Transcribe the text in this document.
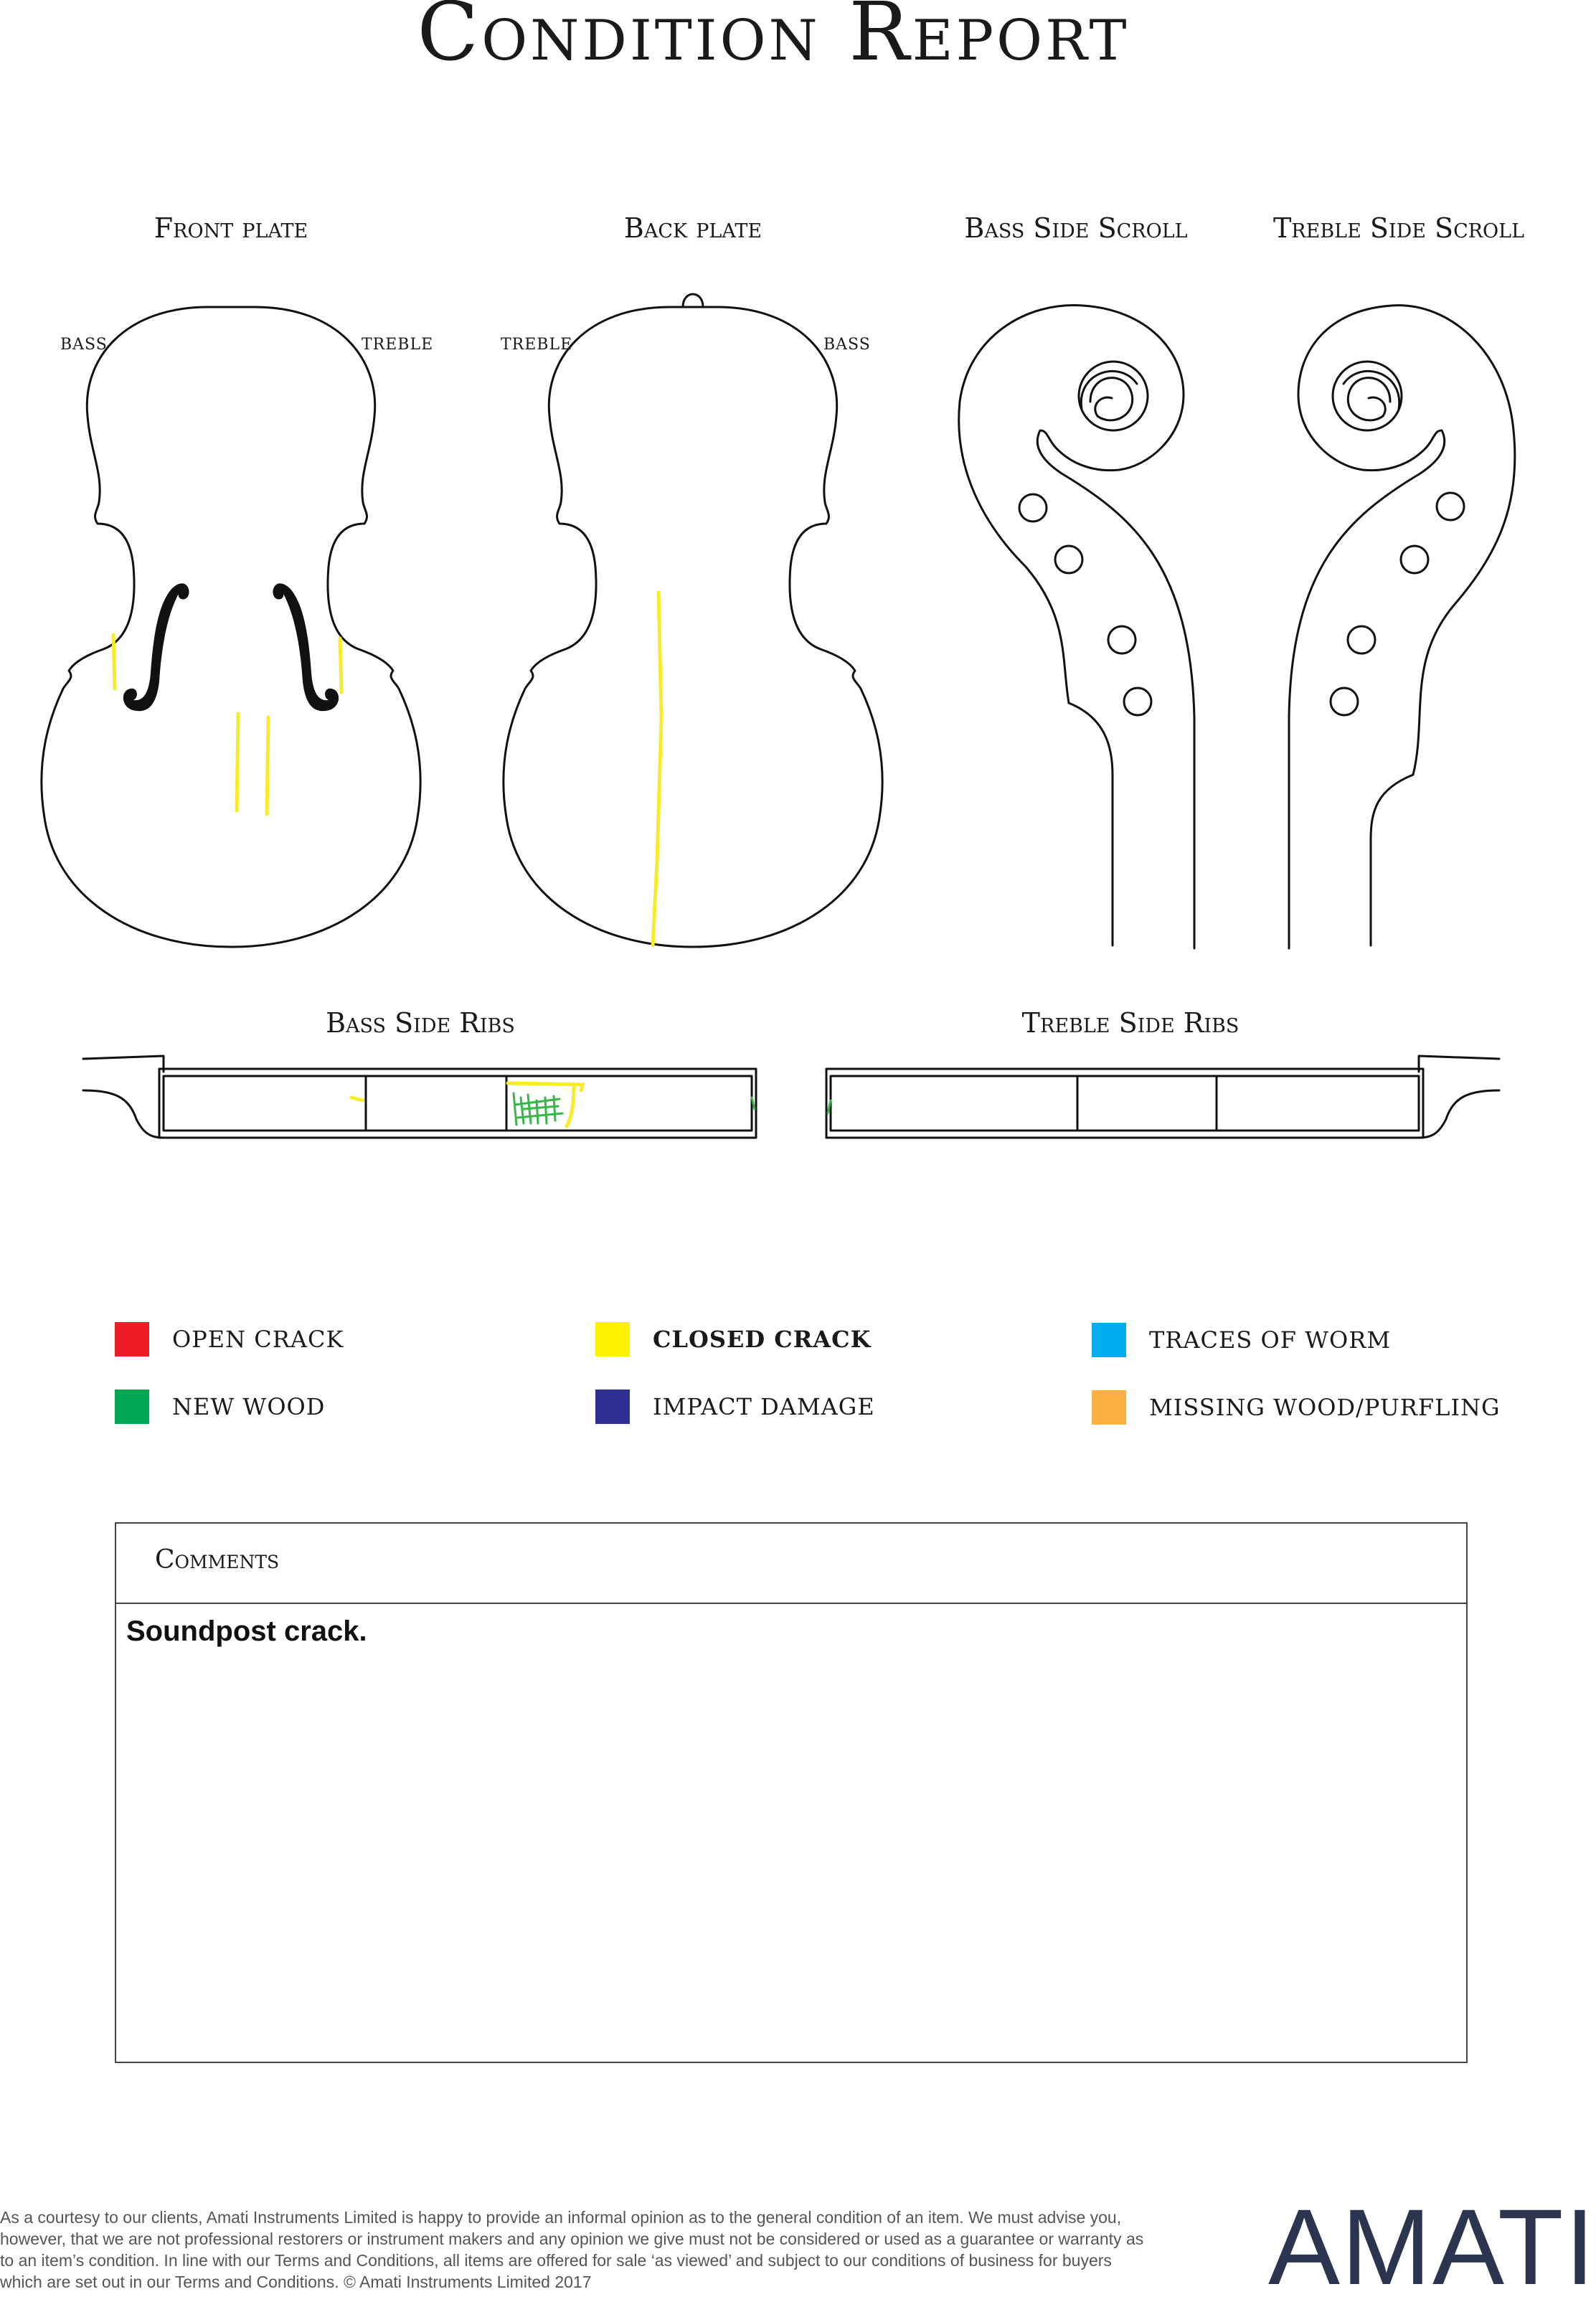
Condition Report
Front plate	Back plate	Bass Side Scroll	Treble Side Scroll
BASS	TREBLE	TREBLE	BASS
Bass Side Ribs	Treble Side Ribs
OPEN CRACK	CLOSED CRACK	TRACES OF WORM
NEW WOOD	IMPACT DAMAGE	MISSING WOOD/PURFLING
Comments
Soundpost crack.
As a courtesy to our clients, Amati Instruments Limited is happy to provide an informal opinion as to the general condition of an item. We must advise you, however, that we are not professional restorers or instrument makers and any opinion we give must not be considered or used as a guarantee or warranty as to an item’s condition. In line with our Terms and Conditions, all items are offered for sale ‘as viewed’ and subject to our conditions of business for buyers which are set out in our Terms and Conditions. © Amati Instruments Limited 2017	AMATI
